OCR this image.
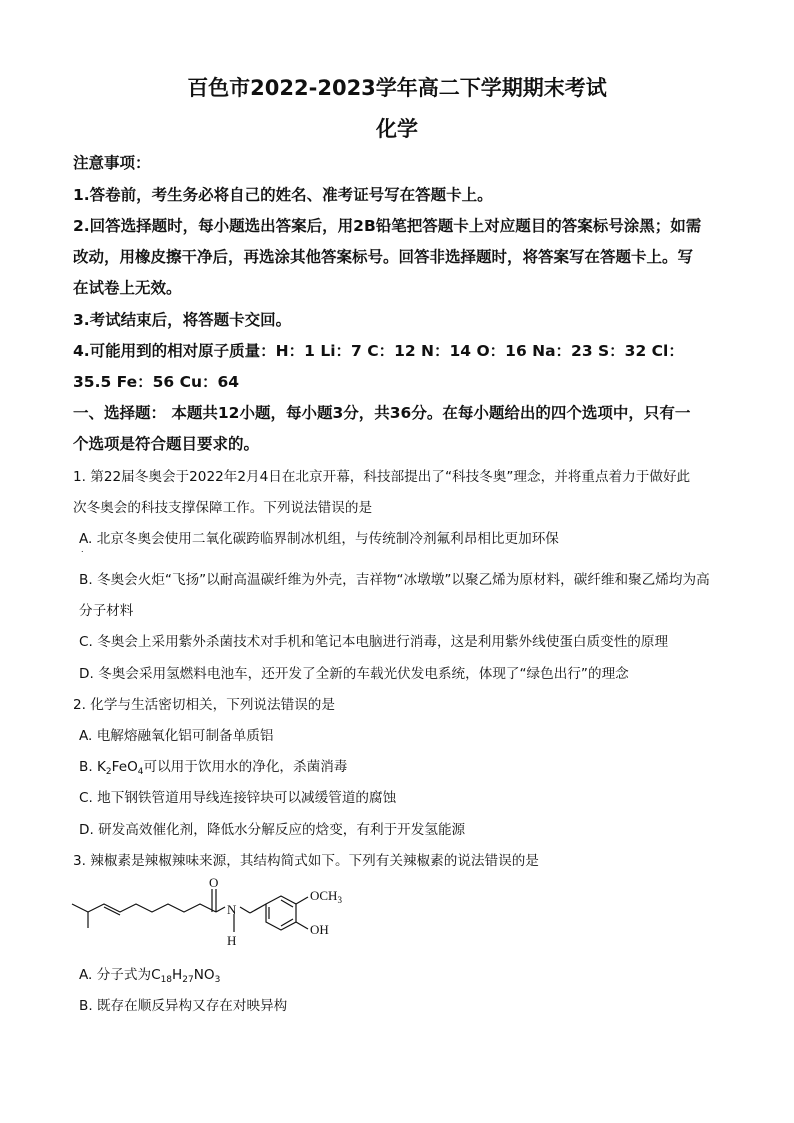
百色市2022-2023学年高二下学期期末考试
化学
注意事项：
1.答卷前，考生务必将自己的姓名、准考证号写在答题卡上。
2.回答选择题时，每小题选出答案后，用2B铅笔把答题卡上对应题目的答案标号涂黑；如需
改动，用橡皮擦干净后，再选涂其他答案标号。回答非选择题时，将答案写在答题卡上。写
在试卷上无效。
3.考试结束后，将答题卡交回。
4.可能用到的相对原子质量：H：1 Li：7 C：12 N：14 O：16 Na：23 S：32 Cl：
35.5 Fe：56 Cu：64
一、选择题： 本题共12小题，每小题3分，共36分。在每小题给出的四个选项中，只有一
个选项是符合题目要求的。
1. 第22届冬奥会于2022年2月4日在北京开幕，科技部提出了“科技冬奥”理念，并将重点着力于做好此
次冬奥会的科技支撑保障工作。下列说法错误的是
A. 北京冬奥会使用二氧化碳跨临界制冰机组，与传统制冷剂氟利昂相比更加环保
.
B. 冬奥会火炬“飞扬”以耐高温碳纤维为外壳，吉祥物“冰墩墩”以聚乙烯为原材料，碳纤维和聚乙烯均为高
分子材料
C. 冬奥会上采用紫外杀菌技术对手机和笔记本电脑进行消毒，这是利用紫外线使蛋白质变性的原理
D. 冬奥会采用氢燃料电池车，还开发了全新的车载光伏发电系统，体现了“绿色出行”的理念
2. 化学与生活密切相关，下列说法错误的是
A. 电解熔融氧化铝可制备单质铝
B. $K_2FeO_4$可以用于饮用水的净化，杀菌消毒
C. 地下钢铁管道用导线连接锌块可以减缓管道的腐蚀
D. 研发高效催化剂，降低水分解反应的焓变，有利于开发氢能源
3. 辣椒素是辣椒辣味来源，其结构简式如下。下列有关辣椒素的说法错误的是
O
N
H
$OCH_3$
OH
A. 分子式为$C_{18}H_{27}NO_3$
B. 既存在顺反异构又存在对映异构
